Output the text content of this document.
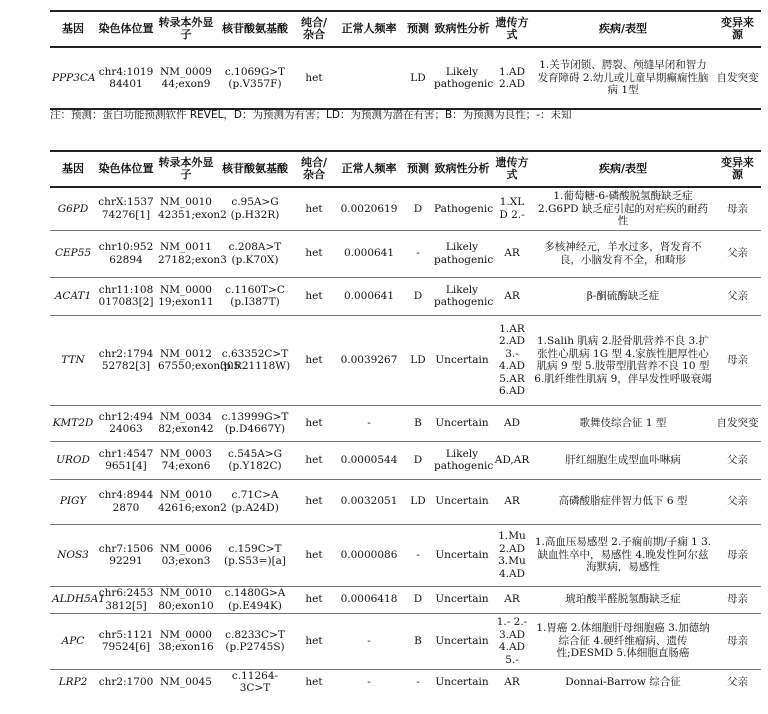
基因	染色体位置	转录本外显子	核苷酸氨基酸	纯合/杂合	正常人频率	预测	致病性分析	遗传方式	疾病/表型	变异来源
PPP3CA	chr4:1019 84401	NM_0009 44;exon9	c.1069G>T (p.V357F)	het		LD	Likely pathogenic	1.AD 2.AD	1.关节闭锁、腭裂、颅缝早闭和智力发育障碍 2.幼儿或儿童早期癫痫性脑病 1型	自发突变
注：预测：蛋白功能预测软件 REVEL，D：为预测为有害；LD：为预测为潜在有害；B：为预测为良性；-：未知
基因	染色体位置	转录本外显子	核苷酸氨基酸	纯合/杂合	正常人频率	预测	致病性分析	遗传方式	疾病/表型	变异来源
G6PD	chrX:1537 74276[1]	NM_0010 42351;exon2	c.95A>G (p.H32R)	het	0.0020619	D	Pathogenic	1.XL D 2.-	1.葡萄糖-6-磷酸脱氢酶缺乏症 2.G6PD 缺乏症引起的对疟疾的耐药性	母亲
CEP55	chr10:952 62894	NM_0011 27182;exon3	c.208A>T (p.K70X)	het	0.000641	-	Likely pathogenic	AR	多核神经元，羊水过多，肾发育不良，小脑发育不全，和畸形	父亲
ACAT1	chr11:108 017083[2]	NM_0000 19;exon11	c.1160T>C (p.I387T)	het	0.000641	D	Likely pathogenic	AR	β-酮硫酶缺乏症	父亲
TTN	chr2:1794 52782[3]	NM_0012 67550;exon305	c.63352C>T (p.R21118W)	het	0.0039267	LD	Uncertain	1.AR 2.AD 3.- 4.AD 5.AR 6.AD	1.Salih 肌病 2.胫骨肌营养不良 3.扩张性心肌病 1G 型 4.家族性肥厚性心肌病 9 型 5.肢带型肌营养不良 10 型 6.肌纤维性肌病 9，伴早发性呼吸衰竭	母亲
KMT2D	chr12:494 24063	NM_0034 82;exon42	c.13999G>T (p.D4667Y)	het	-	B	Uncertain	AD	歌舞伎综合征 1 型	自发突变
UROD	chr1:4547 9651[4]	NM_0003 74;exon6	c.545A>G (p.Y182C)	het	0.0000544	D	Likely pathogenic	AD,AR	肝红细胞生成型血卟啉病	父亲
PIGY	chr4:8944 2870	NM_0010 42616;exon2	c.71C>A (p.A24D)	het	0.0032051	LD	Uncertain	AR	高磷酸脂症伴智力低下 6 型	父亲
NOS3	chr7:1506 92291	NM_0006 03;exon3	c.159C>T (p.S53=)[a]	het	0.0000086	-	Uncertain	1.Mu 2.AD 3.Mu 4.AD	1.高血压易感型 2.子痫前期/子痫 1 3.缺血性卒中，易感性 4.晚发性阿尔兹海默病，易感性	母亲
ALDH5A1	chr6:2453 3812[5]	NM_0010 80;exon10	c.1480G>A (p.E494K)	het	0.0006418	D	Uncertain	AR	琥珀酸半醛脱氢酶缺乏症	母亲
APC	chr5:1121 79524[6]	NM_0000 38;exon16	c.8233C>T (p.P2745S)	het	-	B	Uncertain	1.- 2.- 3.AD 4.AD 5.-	1.胃癌 2.体细胞肝母细胞癌 3.加德纳综合征 4.硬纤维瘤病、遗传性;DESMD 5.体细胞直肠癌	母亲
LRP2	chr2:1700	NM_0045	c.11264-3C>T	het	-	-	Uncertain	AR	Donnai-Barrow 综合征	父亲
